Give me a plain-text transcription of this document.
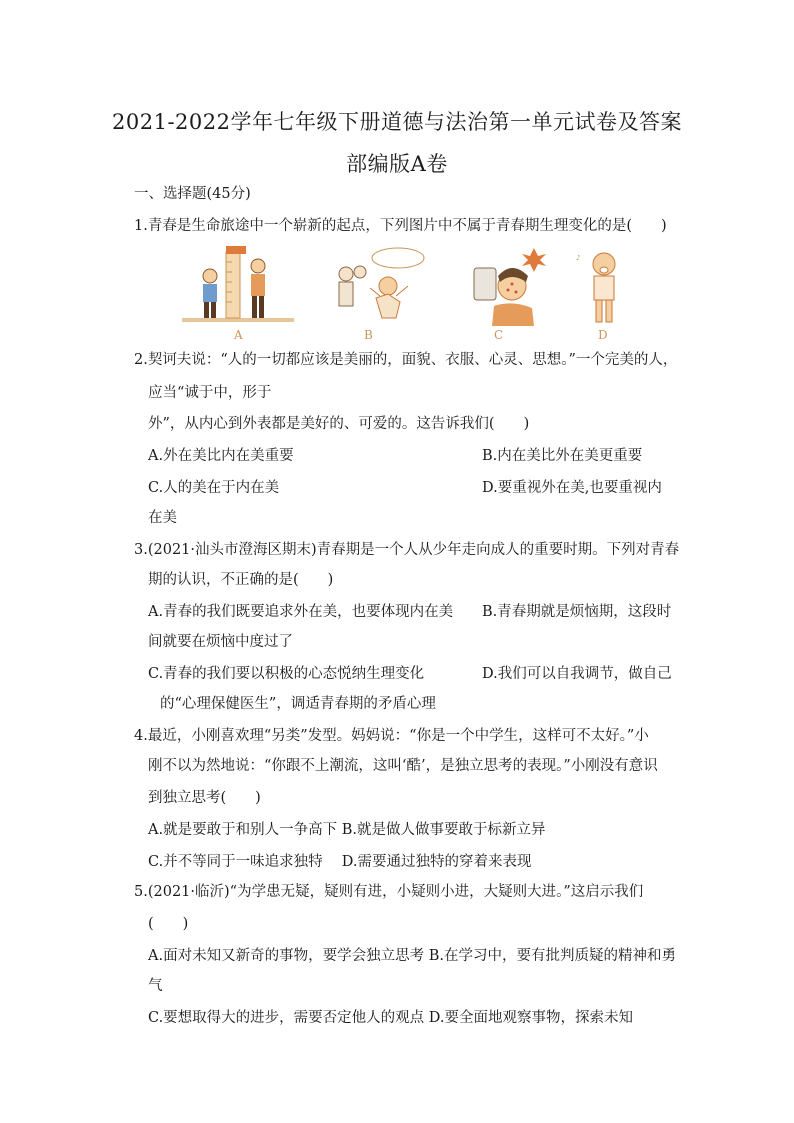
2021-2022学年七年级下册道德与法治第一单元试卷及答案
部编版A卷
一、选择题(45分)
1.青春是生命旅途中一个崭新的起点，下列图片中不属于青春期生理变化的是(　　)
A	B	C
♪
D
2.契诃夫说：“人的一切都应该是美丽的，面貌、衣服、心灵、思想。”一个完美的人，
应当“诚于中，形于
外”，从内心到外表都是美好的、可爱的。这告诉我们(　　)
A.外在美比内在美重要	B.内在美比外在美更重要
C.人的美在于内在美	D.要重视外在美,也要重视内
在美
3.(2021·汕头市澄海区期末)青春期是一个人从少年走向成人的重要时期。下列对青春
期的认识，不正确的是(　　)
A.青春的我们既要追求外在美，也要体现内在美 B.青春期就是烦恼期，这段时
间就要在烦恼中度过了
C.青春的我们要以积极的心态悦纳生理变化	D.我们可以自我调节，做自己
的“心理保健医生”，调适青春期的矛盾心理
4.最近，小刚喜欢理“另类”发型。妈妈说：“你是一个中学生，这样可不太好。”小
刚不以为然地说：“你跟不上潮流，这叫‘酷’，是独立思考的表现。”小刚没有意识
到独立思考(　　)
A.就是要敢于和别人一争高下 B.就是做人做事要敢于标新立异
C.并不等同于一味追求独特　 D.需要通过独特的穿着来表现
5.(2021·临沂)“为学患无疑，疑则有进，小疑则小进，大疑则大进。”这启示我们
(　　)
A.面对未知又新奇的事物，要学会独立思考 B.在学习中，要有批判质疑的精神和勇
气
C.要想取得大的进步，需要否定他人的观点 D.要全面地观察事物，探索未知
